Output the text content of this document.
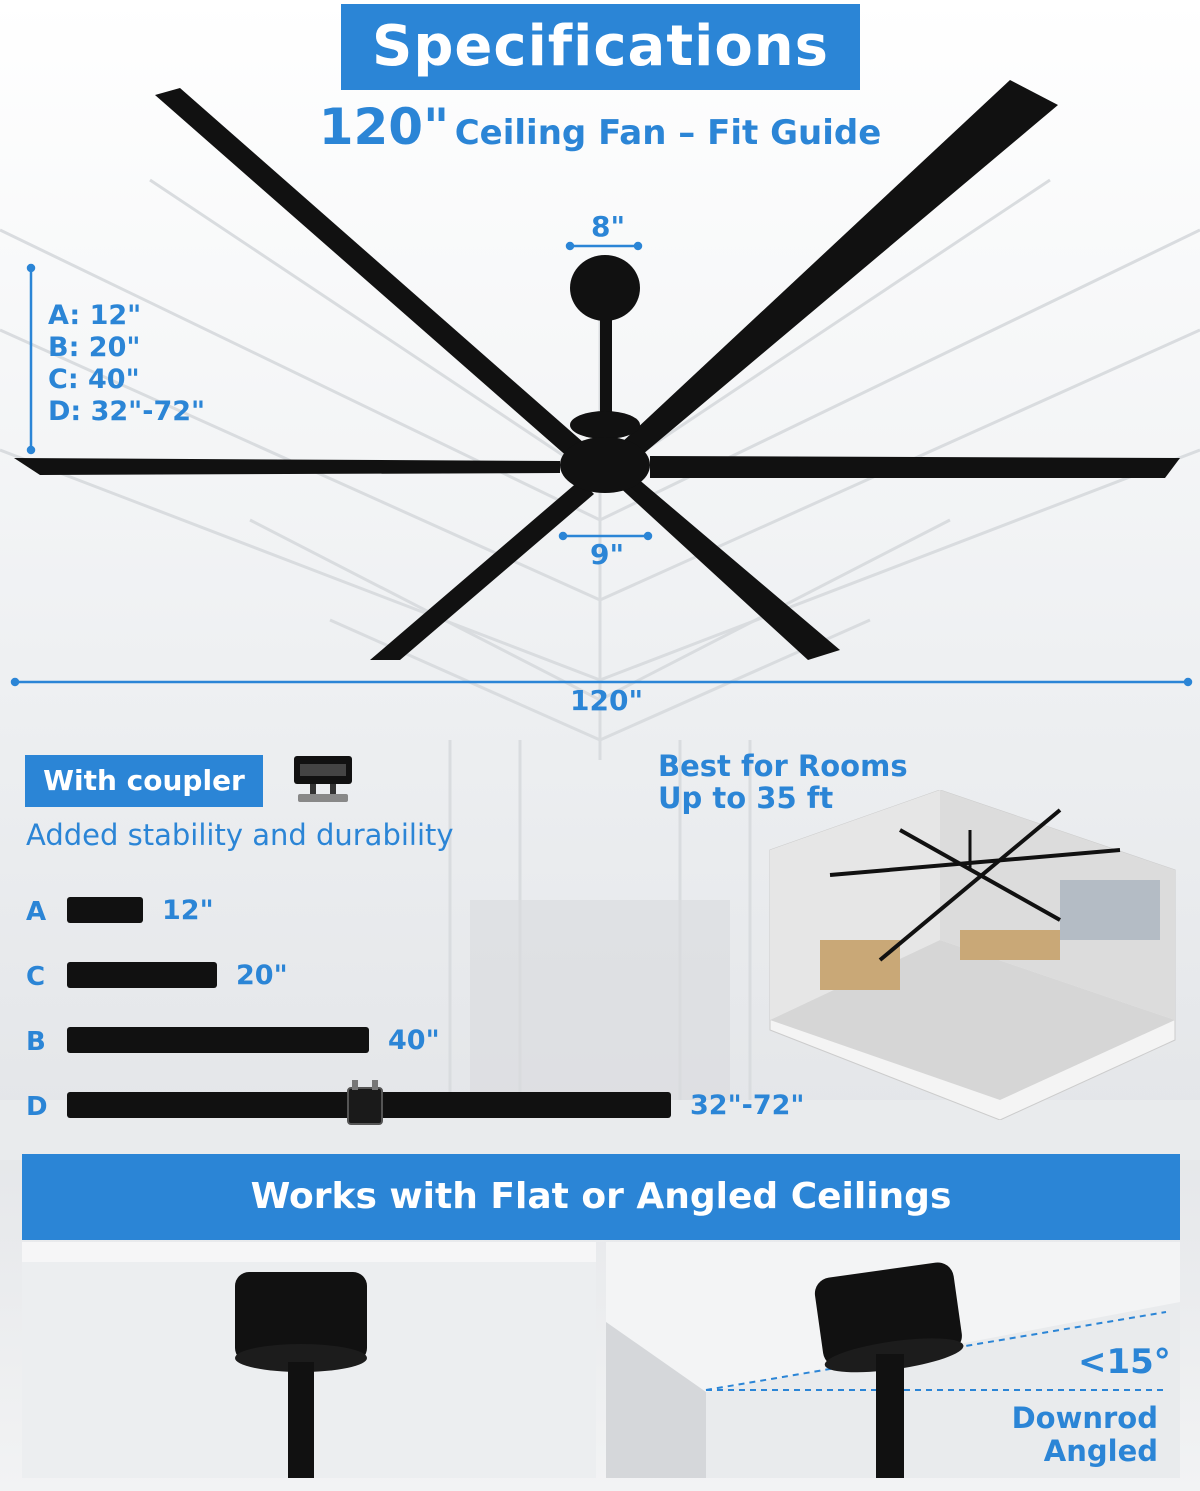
Specifications
120" Ceiling Fan – Fit Guide
8"
9"
120"
A: 12"
B: 20"
C: 40"
D: 32"-72"
With coupler
Added stability and durability
Best for Rooms
Up to 35 ft
A	12"
C	20"
B	40"
D	32"-72"
Works with Flat or Angled Ceilings
<15°
Downrod
Angled
